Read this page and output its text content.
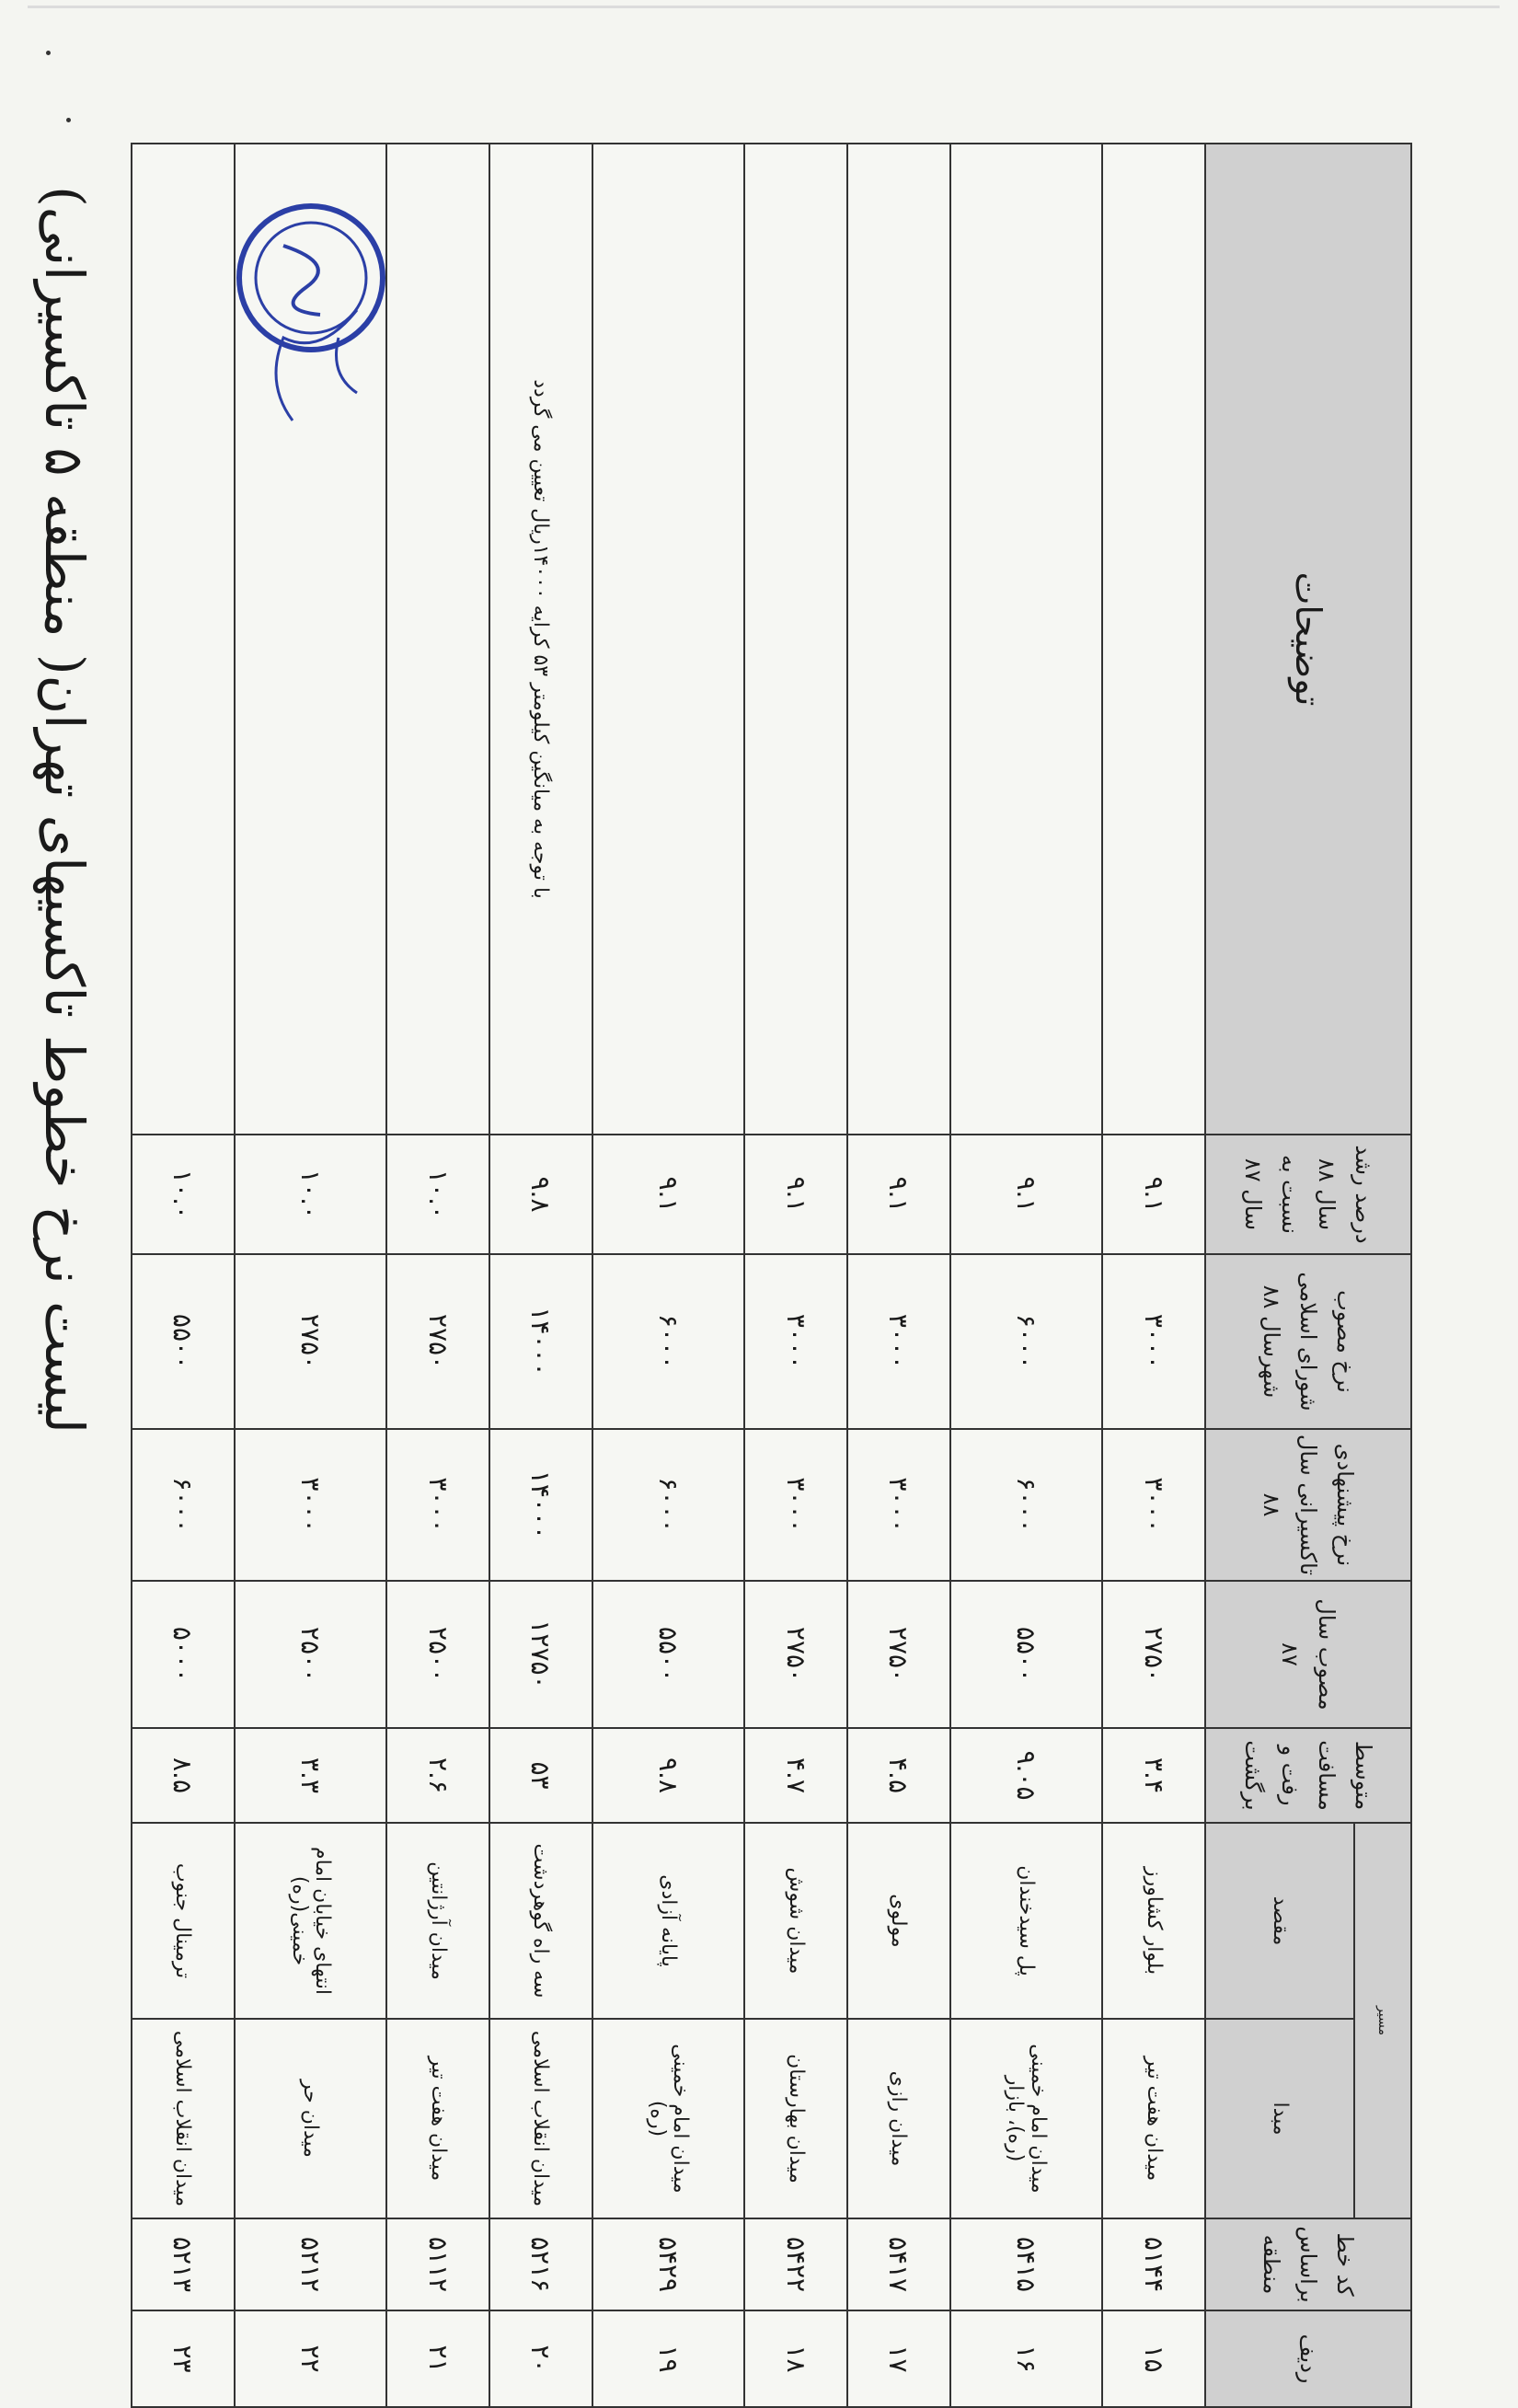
لیست نرخ خطوط تاکسیهای تهران( منطقه ۵ تاکسیرانی)
ردیف	کد خط براساس منطقه	مسیر		متوسط مسافت رفت و برگشت	مصوب سال ۸۷	نرخ پیشنهادی تاکسیرانی سال ۸۸	نرخ مصوب شورای اسلامی شهرسال ۸۸	درصد رشد سال ۸۸ نسبت به سال ۸۷	توضیحات
		مبدا	مقصد						
۱۵	۵۱۴۴	میدان هفت تیر	بلوار کشاورز	۳.۴	۲۷۵۰	۳۰۰۰	۳۰۰۰	۹.۱	
۱۶	۵۴۱۵	میدان امام خمینی (ره)، بازار	پل سیدخندان	۹.۰۵	۵۵۰۰	۶۰۰۰	۶۰۰۰	۹.۱	
۱۷	۵۴۱۷	میدان رازی	مولوی	۴.۵	۲۷۵۰	۳۰۰۰	۳۰۰۰	۹.۱	
۱۸	۵۴۲۲	میدان بهارستان	میدان شوش	۴.۷	۲۷۵۰	۳۰۰۰	۳۰۰۰	۹.۱	
۱۹	۵۴۲۹	میدان امام خمینی (ره)	پایانه آزادی	۹.۸	۵۵۰۰	۶۰۰۰	۶۰۰۰	۹.۱	
۲۰	۵۲۱۶	میدان انقلاب اسلامی	سه راه گوهردشت	۵۳	۱۲۷۵۰	۱۴۰۰۰	۱۴۰۰۰	۹.۸	با توجه به میانگین کیلومتر ۵۳ کرایه ۱۴۰۰۰ریال تعیین می گردد
۲۱	۵۱۱۲	میدان هفت تیر	میدان آرژانتین	۲.۶	۲۵۰۰	۳۰۰۰	۲۷۵۰	۱۰.۰	
۲۲	۵۲۱۲	میدان حر	انتهای خیابان امام خمینی(ره)	۳.۳	۲۵۰۰	۳۰۰۰	۲۷۵۰	۱۰.۰	

۲۳	۵۲۱۳	میدان انقلاب اسلامی	ترمینال جنوب	۸.۵	۵۰۰۰	۶۰۰۰	۵۵۰۰	۱۰.۰	
